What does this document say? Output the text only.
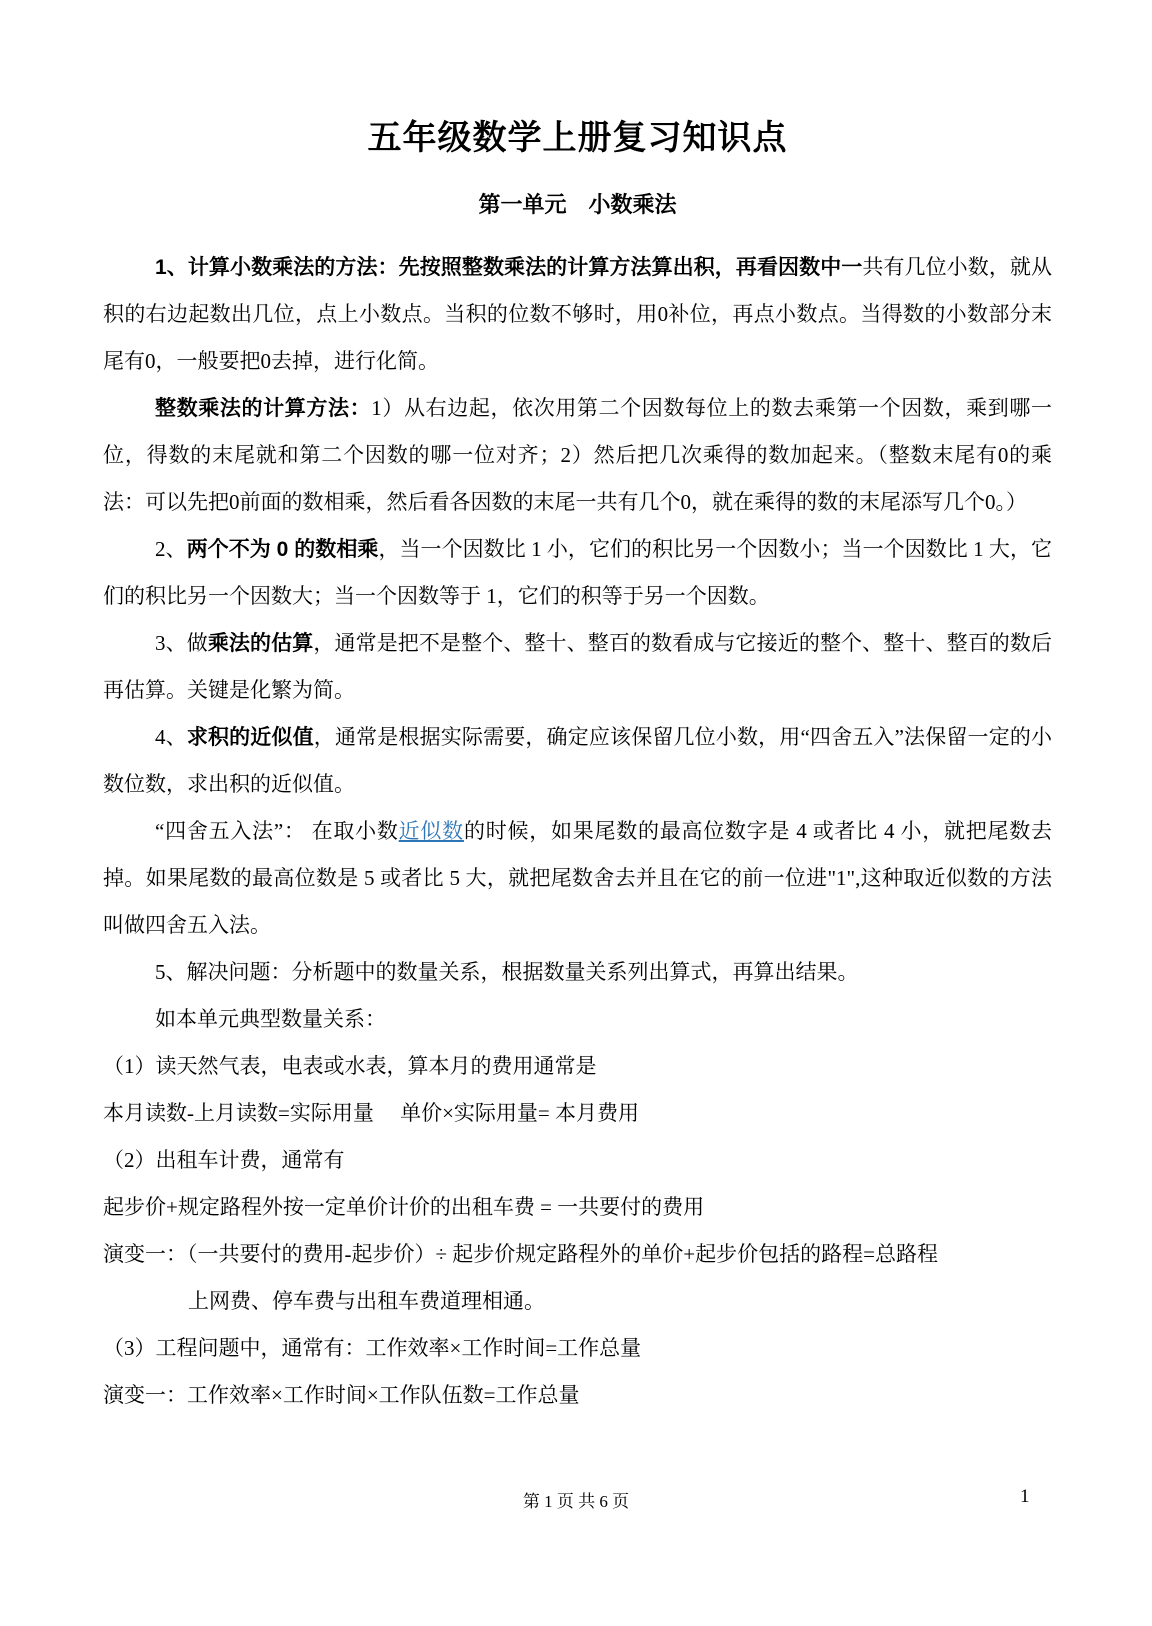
五年级数学上册复习知识点
第一单元　小数乘法

1、计算小数乘法的方法：先按照整数乘法的计算方法算出积，再看因数中一共有几位小数，就从积的右边起数出几位，点上小数点。当积的位数不够时，用0补位，再点小数点。当得数的小数部分末尾有0，一般要把0去掉，进行化简。

整数乘法的计算方法：1）从右边起，依次用第二个因数每位上的数去乘第一个因数，乘到哪一位，得数的末尾就和第二个因数的哪一位对齐；2）然后把几次乘得的数加起来。（整数末尾有0的乘法：可以先把0前面的数相乘，然后看各因数的末尾一共有几个0，就在乘得的数的末尾添写几个0。）

2、两个不为 0 的数相乘，当一个因数比 1 小，它们的积比另一个因数小；当一个因数比 1 大，它们的积比另一个因数大；当一个因数等于 1，它们的积等于另一个因数。

3、做乘法的估算，通常是把不是整个、整十、整百的数看成与它接近的整个、整十、整百的数后再估算。关键是化繁为简。

4、求积的近似值，通常是根据实际需要，确定应该保留几位小数，用“四舍五入”法保留一定的小数位数，求出积的近似值。

“四舍五入法”： 在取小数近似数的时候，如果尾数的最高位数字是 4 或者比 4 小，就把尾数去掉。如果尾数的最高位数是 5 或者比 5 大，就把尾数舍去并且在它的前一位进"1",这种取近似数的方法叫做四舍五入法。

5、解决问题：分析题中的数量关系，根据数量关系列出算式，再算出结果。

如本单元典型数量关系：

（1）读天然气表，电表或水表，算本月的费用通常是

本月读数-上月读数=实际用量　 单价×实际用量= 本月费用

（2）出租车计费，通常有

起步价+规定路程外按一定单价计价的出租车费 = 一共要付的费用

演变一：（一共要付的费用-起步价）÷ 起步价规定路程外的单价+起步价包括的路程=总路程

上网费、停车费与出租车费道理相通。

（3）工程问题中，通常有：工作效率×工作时间=工作总量

演变一：工作效率×工作时间×工作队伍数=工作总量

第 1 页 共 6 页	1
